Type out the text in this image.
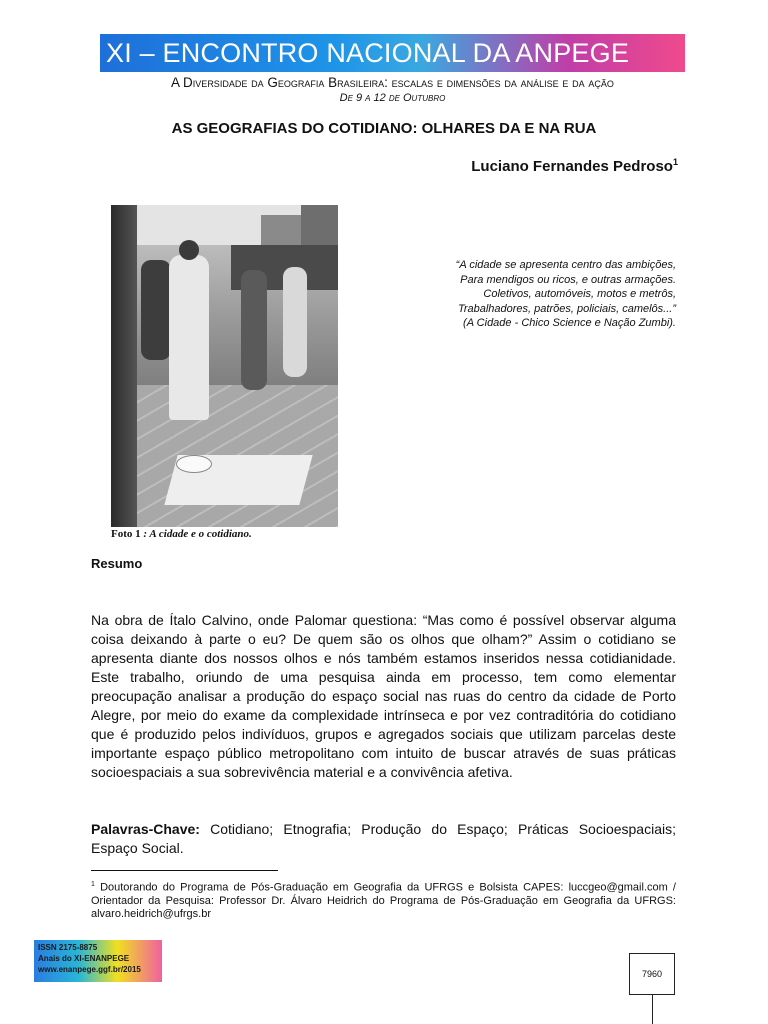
XI – ENCONTRO NACIONAL DA ANPEGE
A Diversidade da Geografia Brasileira: escalas e dimensões da análise e da ação
De 9 a 12 de Outubro
AS GEOGRAFIAS DO COTIDIANO: OLHARES DA E NA RUA
Luciano Fernandes Pedroso$^1$
Foto 1 : A cidade e o cotidiano.
“A cidade se apresenta centro das ambições,
Para mendigos ou ricos, e outras armações.
Coletivos, automóveis, motos e metrôs,
Trabalhadores, patrões, policiais, camelôs...”
(A Cidade - Chico Science e Nação Zumbi).
Resumo
Na obra de Ítalo Calvino, onde Palomar questiona: “Mas como é possível observar alguma coisa deixando à parte o eu? De quem são os olhos que olham?” Assim o cotidiano se apresenta diante dos nossos olhos e nós também estamos inseridos nessa cotidianidade. Este trabalho, oriundo de uma pesquisa ainda em processo, tem como elementar preocupação analisar a produção do espaço social nas ruas do centro da cidade de Porto Alegre, por meio do exame da complexidade intrínseca e por vez contraditória do cotidiano que é produzido pelos indivíduos, grupos e agregados sociais que utilizam parcelas deste importante espaço público metropolitano com intuito de buscar através de suas práticas socioespaciais a sua sobrevivência material e a convivência afetiva.
Palavras-Chave: Cotidiano; Etnografia; Produção do Espaço; Práticas Socioespaciais; Espaço Social.
$^1$ Doutorando do Programa de Pós-Graduação em Geografia da UFRGS e Bolsista CAPES: luccgeo@gmail.com / Orientador da Pesquisa: Professor Dr. Álvaro Heidrich do Programa de Pós-Graduação em Geografia da UFRGS: alvaro.heidrich@ufrgs.br
ISSN 2175-8875
Anais do XI-ENANPEGE
www.enanpege.ggf.br/2015	7960
